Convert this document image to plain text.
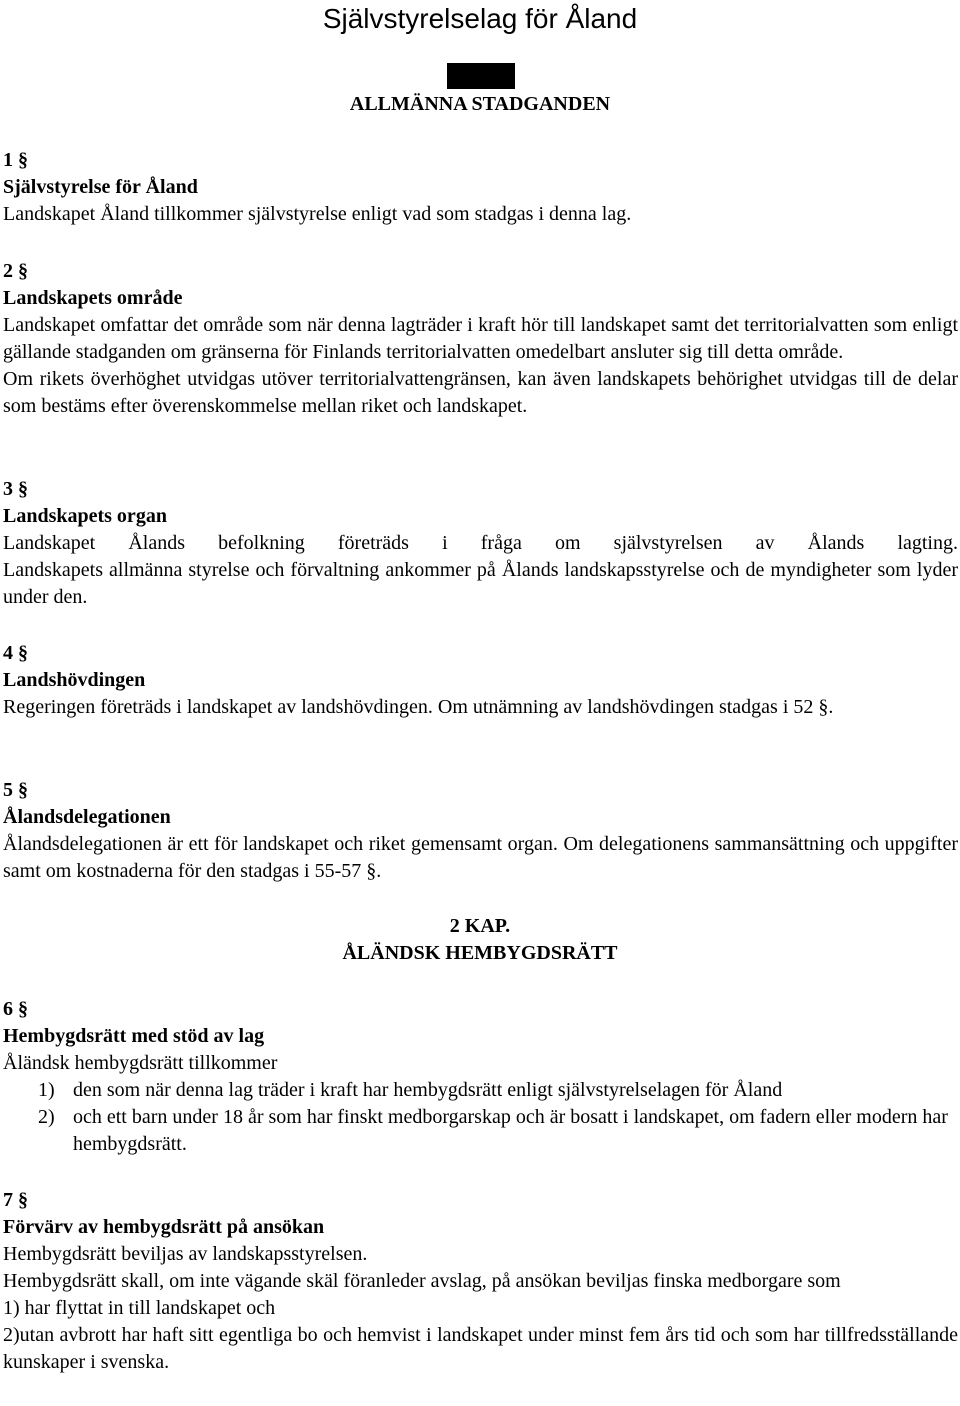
Självstyrelselag för Åland
ALLMÄNNA STADGANDEN

1 §

Självstyrelse för Åland

Landskapet Åland tillkommer självstyrelse enligt vad som stadgas i denna lag.

2 §

Landskapets område

Landskapet omfattar det område som när denna lagträder i kraft hör till landskapet samt det territorialvatten som enligt gällande stadganden om gränserna för Finlands territorialvatten omedelbart ansluter sig till detta område.

Om rikets överhöghet utvidgas utöver territorialvattengränsen, kan även landskapets behörighet utvidgas till de delar som bestäms efter överenskommelse mellan riket och landskapet.

3 §

Landskapets organ

Landskapet Ålands befolkning företräds i fråga om självstyrelsen av Ålands lagting.

Landskapets allmänna styrelse och förvaltning ankommer på Ålands landskapsstyrelse och de myndigheter som lyder under den.

4 §

Landshövdingen

Regeringen företräds i landskapet av landshövdingen. Om utnämning av landshövdingen stadgas i 52 §.

5 §

Ålandsdelegationen

Ålandsdelegationen är ett för landskapet och riket gemensamt organ. Om delegationens sammansättning och uppgifter samt om kostnaderna för den stadgas i 55-57 §.

2 KAP.
ÅLÄNDSK HEMBYGDSRÄTT

6 §

Hembygdsrätt med stöd av lag

Åländsk hembygdsrätt tillkommer

1) den som när denna lag träder i kraft har hembygdsrätt enligt självstyrelselagen för Åland
2) och ett barn under 18 år som har finskt medborgarskap och är bosatt i landskapet, om fadern eller modern har hembygdsrätt.

7 §

Förvärv av hembygdsrätt på ansökan

Hembygdsrätt beviljas av landskapsstyrelsen.

Hembygdsrätt skall, om inte vägande skäl föranleder avslag, på ansökan beviljas finska medborgare som

1) har flyttat in till landskapet och

2)utan avbrott har haft sitt egentliga bo och hemvist i landskapet under minst fem års tid och som har tillfredsställande kunskaper i svenska.
